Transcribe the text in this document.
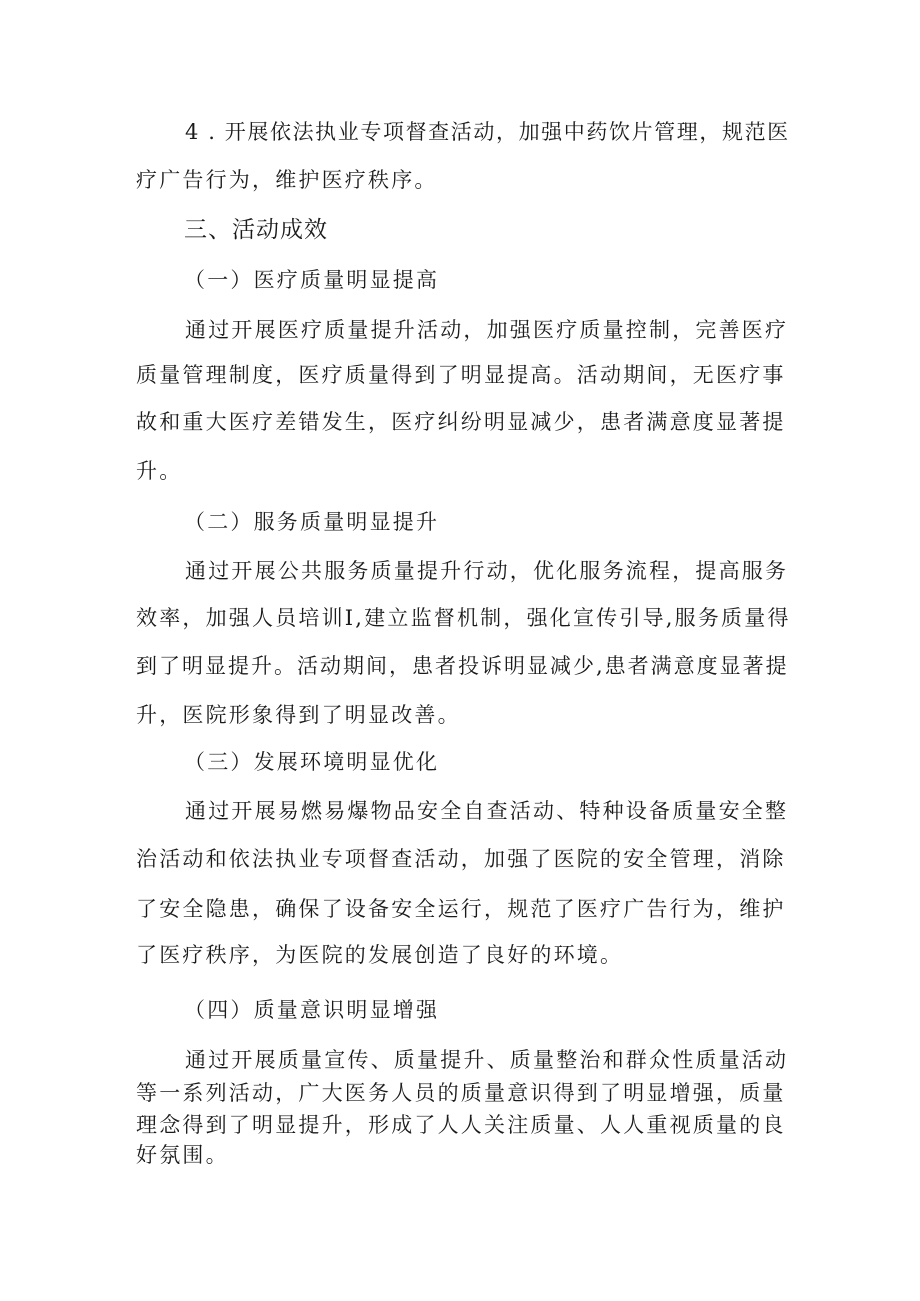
4 . 开展依法执业专项督查活动，加强中药饮片管理，规范医

疗广告行为，维护医疗秩序。

三、活动成效

（一）医疗质量明显提高

通过开展医疗质量提升活动，加强医疗质量控制，完善医疗

质量管理制度，医疗质量得到了明显提高。活动期间，无医疗事

故和重大医疗差错发生，医疗纠纷明显减少，患者满意度显著提

升。

（二）服务质量明显提升

通过开展公共服务质量提升行动，优化服务流程，提高服务

效率，加强人员培训I,建立监督机制，强化宣传引导,服务质量得

到了明显提升。活动期间，患者投诉明显减少,患者满意度显著提

升，医院形象得到了明显改善。

（三）发展环境明显优化

通过开展易燃易爆物品安全自查活动、特种设备质量安全整

治活动和依法执业专项督查活动，加强了医院的安全管理，消除

了安全隐患，确保了设备安全运行，规范了医疗广告行为，维护

了医疗秩序，为医院的发展创造了良好的环境。

（四）质量意识明显增强

通过开展质量宣传、质量提升、质量整治和群众性质量活动

等一系列活动，广大医务人员的质量意识得到了明显增强，质量

理念得到了明显提升，形成了人人关注质量、人人重视质量的良

好氛围。
